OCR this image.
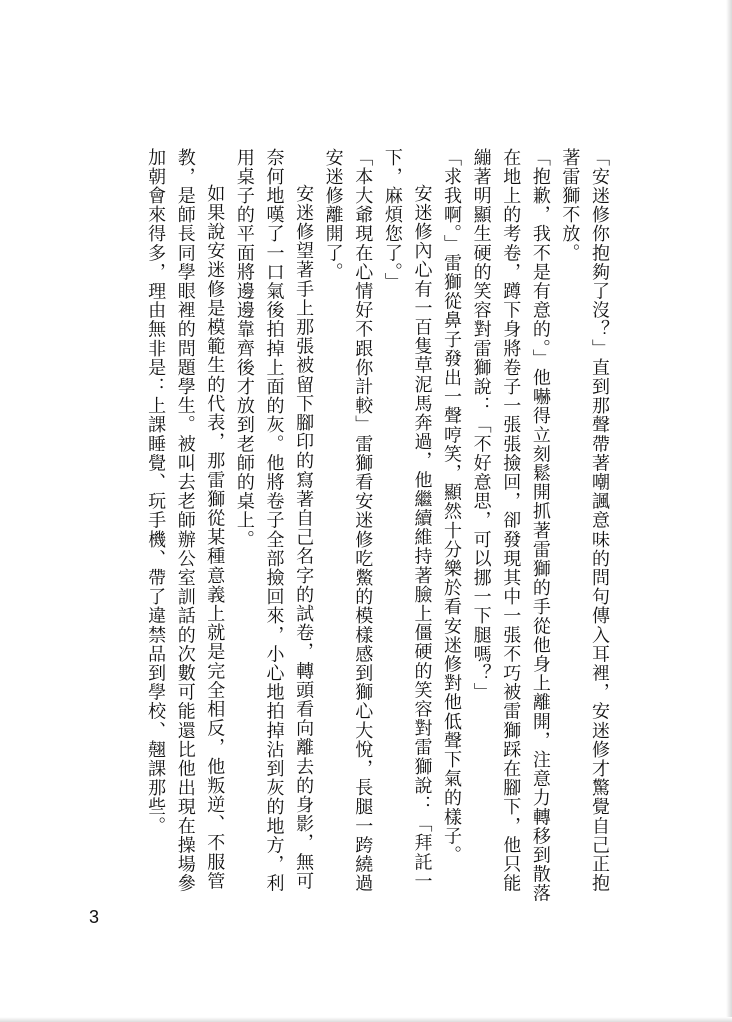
「安迷修你抱夠了沒？」直到那聲帶著嘲諷意味的問句傳入耳裡，安迷修才驚覺自己正抱著雷獅不放。

「抱歉，我不是有意的。」他嚇得立刻鬆開抓著雷獅的手從他身上離開，注意力轉移到散落在地上的考卷，蹲下身將卷子一張張撿回，卻發現其中一張不巧被雷獅踩在腳下，他只能繃著明顯生硬的笑容對雷獅說：「不好意思，可以挪一下腿嗎？」

「求我啊。」雷獅從鼻子發出一聲哼笑，顯然十分樂於看安迷修對他低聲下氣的樣子。

安迷修內心有一百隻草泥馬奔過，他繼續維持著臉上僵硬的笑容對雷獅說：「拜託一下，麻煩您了。」

「本大爺現在心情好不跟你計較」雷獅看安迷修吃鱉的模樣感到獅心大悅，長腿一跨繞過安迷修離開了。

安迷修望著手上那張被留下腳印的寫著自己名字的試卷，轉頭看向離去的身影，無可奈何地嘆了一口氣後拍掉上面的灰。他將卷子全部撿回來，小心地拍掉沾到灰的地方，利用桌子的平面將邊邊靠齊後才放到老師的桌上。

如果說安迷修是模範生的代表，那雷獅從某種意義上就是完全相反，他叛逆、不服管教，是師長同學眼裡的問題學生。被叫去老師辦公室訓話的次數可能還比他出現在操場參加朝會來得多，理由無非是：上課睡覺、玩手機、帶了違禁品到學校、翹課那些。

3
